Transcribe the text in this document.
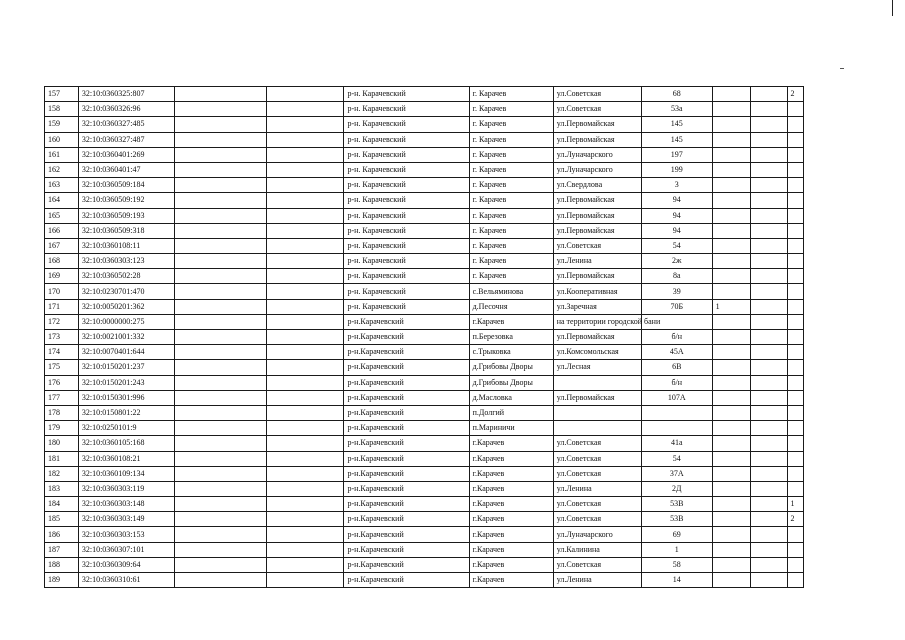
157	32:10:0360325:807			р-н. Карачевский	г. Карачев	ул.Советская	68			2
158	32:10:0360326:96			р-н. Карачевский	г. Карачев	ул.Советская	53а			
159	32:10:0360327:485			р-н. Карачевский	г. Карачев	ул.Первомайская	145			
160	32:10:0360327:487			р-н. Карачевский	г. Карачев	ул.Первомайская	145			
161	32:10:0360401:269			р-н. Карачевский	г. Карачев	ул.Луначарского	197			
162	32:10:0360401:47			р-н. Карачевский	г. Карачев	ул.Луначарского	199			
163	32:10:0360509:184			р-н. Карачевский	г. Карачев	ул.Свердлова	3			
164	32:10:0360509:192			р-н. Карачевский	г. Карачев	ул.Первомайская	94			
165	32:10:0360509:193			р-н. Карачевский	г. Карачев	ул.Первомайская	94			
166	32:10:0360509:318			р-н. Карачевский	г. Карачев	ул.Первомайская	94			
167	32:10:0360108:11			р-н. Карачевский	г. Карачев	ул.Советская	54			
168	32:10:0360303:123			р-н. Карачевский	г. Карачев	ул.Ленина	2ж			
169	32:10:0360502:28			р-н. Карачевский	г. Карачев	ул.Первомайская	8а			
170	32:10:0230701:470			р-н. Карачевский	с.Вельяминова	ул.Кооперативная	39			
171	32:10:0050201:362			р-н. Карачевский	д.Песочня	ул.Заречная	70Б	1		
172	32:10:0000000:275			р-н.Карачевский	г.Карачев	на территории городской бани				
173	32:10:0021001:332			р-н.Карачевский	п.Березовка	ул.Первомайская	б/н			
174	32:10:0070401:644			р-н.Карачевский	с.Трыковка	ул.Комсомольская	45А			
175	32:10:0150201:237			р-н.Карачевский	д.Грибовы Дворы	ул.Лесная	6В			
176	32:10:0150201:243			р-н.Карачевский	д.Грибовы Дворы		б/н			
177	32:10:0150301:996			р-н.Карачевский	д.Масловка	ул.Первомайская	107А			
178	32:10:0150801:22			р-н.Карачевский	п.Долгий					
179	32:10:0250101:9			р-н.Карачевский	п.Мариничи					
180	32:10:0360105:168			р-н.Карачевский	г.Карачев	ул.Советская	41а			
181	32:10:0360108:21			р-н.Карачевский	г.Карачев	ул.Советская	54			
182	32:10:0360109:134			р-н.Карачевский	г.Карачев	ул.Советская	37А			
183	32:10:0360303:119			р-н.Карачевский	г.Карачев	ул.Ленина	2Д			
184	32:10:0360303:148			р-н.Карачевский	г.Карачев	ул.Советская	53В			1
185	32:10:0360303:149			р-н.Карачевский	г.Карачев	ул.Советская	53В			2
186	32:10:0360303:153			р-н.Карачевский	г.Карачев	ул.Луначарского	69			
187	32:10:0360307:101			р-н.Карачевский	г.Карачев	ул.Калинина	1			
188	32:10:0360309:64			р-н.Карачевский	г.Карачев	ул.Советская	58			
189	32:10:0360310:61			р-н.Карачевский	г.Карачев	ул.Ленина	14			
